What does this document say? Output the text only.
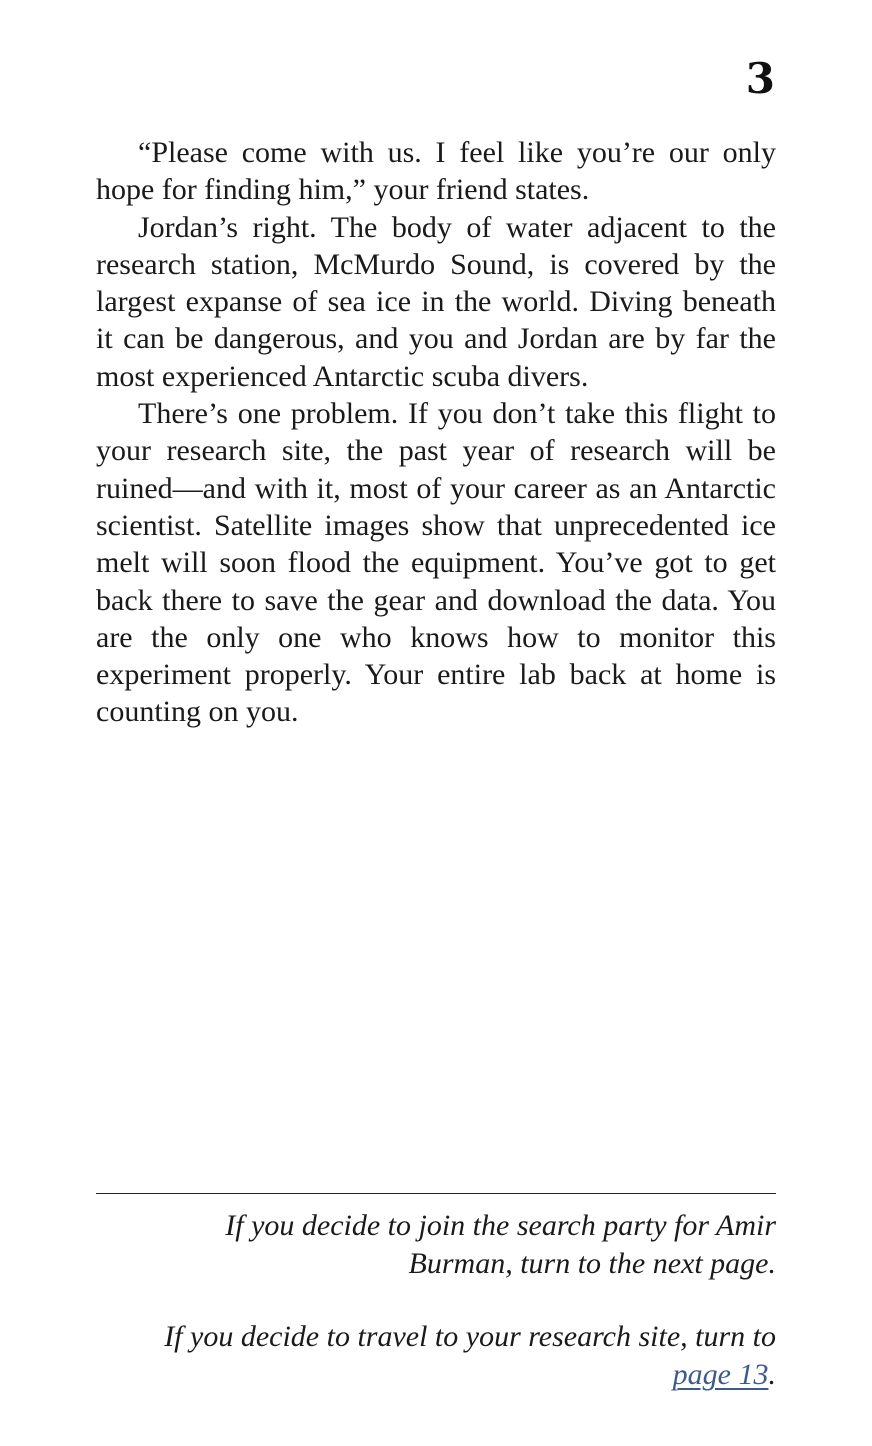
3

“Please come with us. I feel like you’re our only hope for finding him,” your friend states.

Jordan’s right. The body of water adjacent to the research station, McMurdo Sound, is covered by the largest expanse of sea ice in the world. Diving beneath it can be dangerous, and you and Jordan are by far the most experienced Antarctic scuba divers.

There’s one problem. If you don’t take this flight to your research site, the past year of research will be ruined—and with it, most of your career as an Antarctic scientist. Satellite images show that unprecedented ice melt will soon flood the equipment. You’ve got to get back there to save the gear and download the data. You are the only one who knows how to monitor this experiment properly. Your entire lab back at home is counting on you.

If you decide to join the search party for Amir Burman, turn to the next page.

If you decide to travel to your research site, turn to page 13.
